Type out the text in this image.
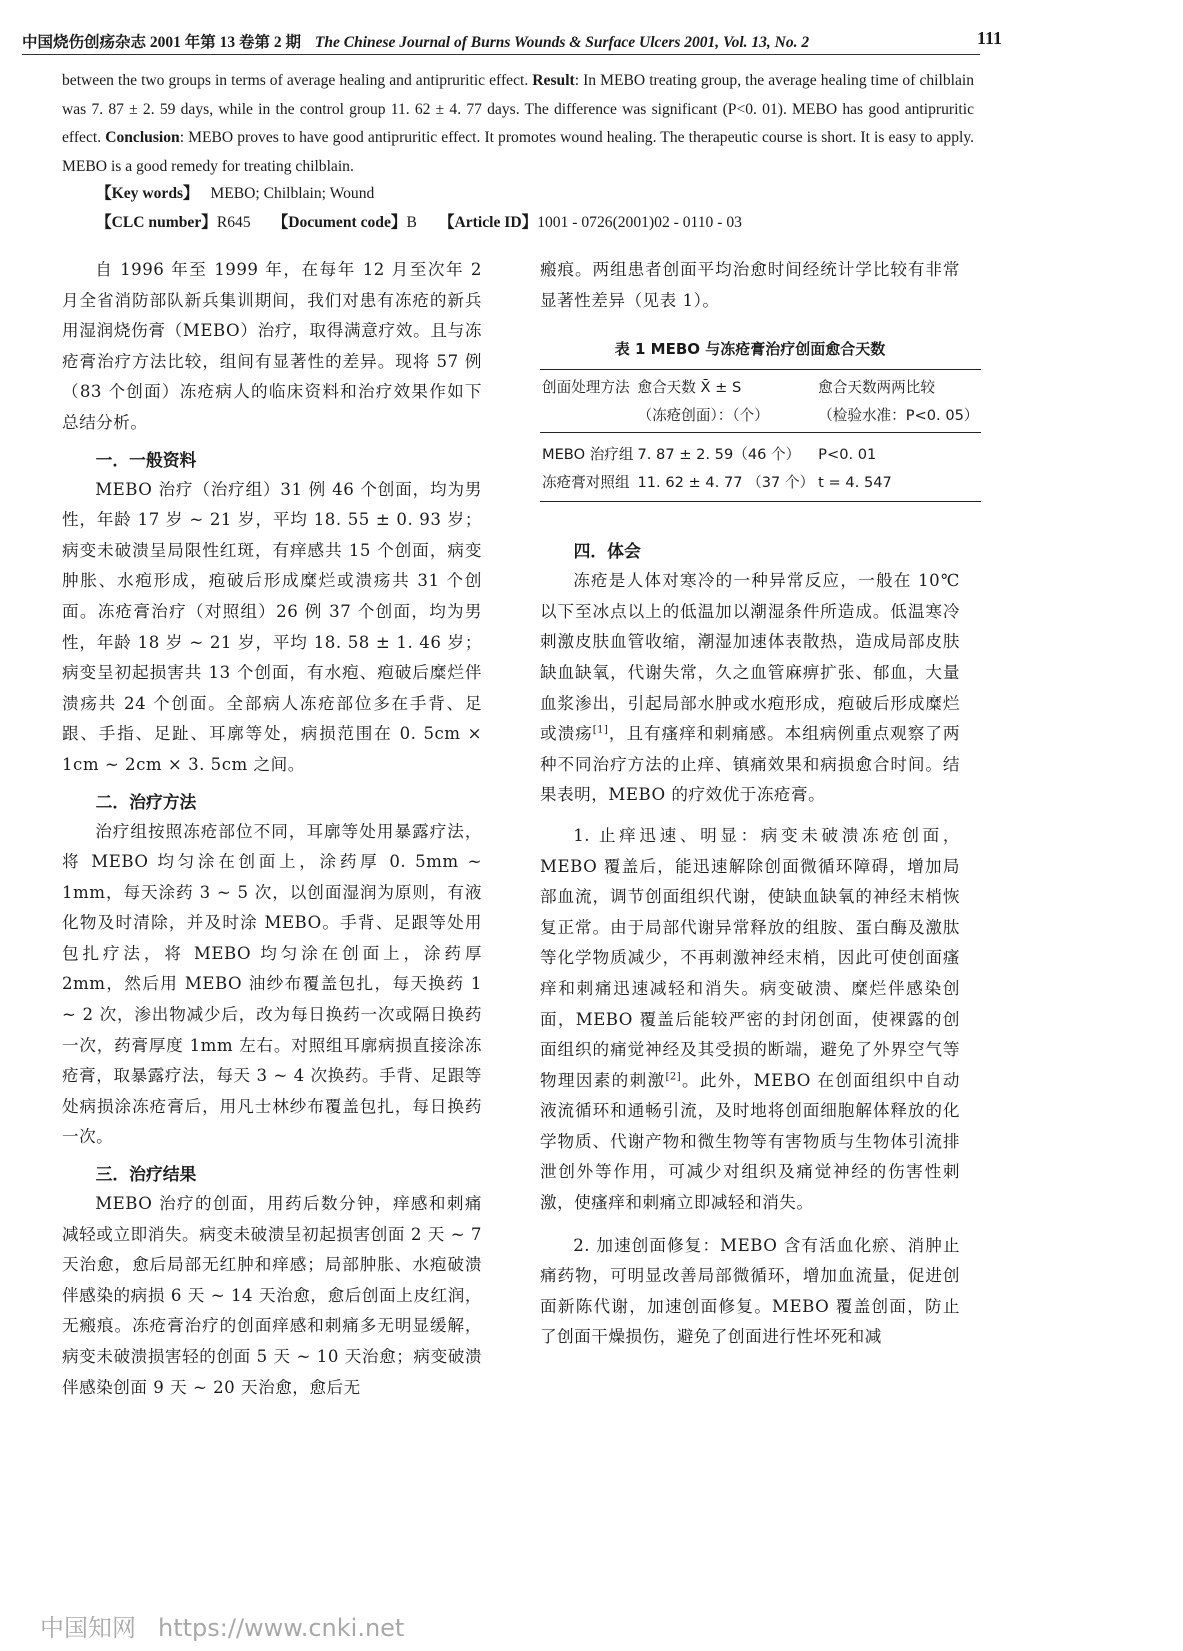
中国烧伤创疡杂志 2001 年第 13 卷第 2 期 The Chinese Journal of Burns Wounds & Surface Ulcers 2001, Vol. 13, No. 2	111

between the two groups in terms of average healing and antipruritic effect. Result: In MEBO treating group, the average healing time of chilblain was 7. 87 ± 2. 59 days, while in the control group 11. 62 ± 4. 77 days. The difference was significant (P<0. 01). MEBO has good antipruritic effect. Conclusion: MEBO proves to have good antipruritic effect. It promotes wound healing. The therapeutic course is short. It is easy to apply. MEBO is a good remedy for treating chilblain.

【Key words】 MEBO; Chilblain; Wound
【CLC number】R645 【Document code】B 【Article ID】1001 - 0726(2001)02 - 0110 - 03

自 1996 年至 1999 年，在每年 12 月至次年 2 月全省消防部队新兵集训期间，我们对患有冻疮的新兵用湿润烧伤膏（MEBO）治疗，取得满意疗效。且与冻疮膏治疗方法比较，组间有显著性的差异。现将 57 例（83 个创面）冻疮病人的临床资料和治疗效果作如下总结分析。

一．一般资料

MEBO 治疗（治疗组）31 例 46 个创面，均为男性，年龄 17 岁 ~ 21 岁，平均 18. 55 ± 0. 93 岁；病变未破溃呈局限性红斑，有痒感共 15 个创面，病变肿胀、水疱形成，疱破后形成糜烂或溃疡共 31 个创面。冻疮膏治疗（对照组）26 例 37 个创面，均为男性，年龄 18 岁 ~ 21 岁，平均 18. 58 ± 1. 46 岁；病变呈初起损害共 13 个创面，有水疱、疱破后糜烂伴溃疡共 24 个创面。全部病人冻疮部位多在手背、足跟、手指、足趾、耳廓等处，病损范围在 0. 5cm × 1cm ~ 2cm × 3. 5cm 之间。

二．治疗方法

治疗组按照冻疮部位不同，耳廓等处用暴露疗法，将 MEBO 均匀涂在创面上，涂药厚 0. 5mm ~ 1mm，每天涂药 3 ~ 5 次，以创面湿润为原则，有液化物及时清除，并及时涂 MEBO。手背、足跟等处用包扎疗法，将 MEBO 均匀涂在创面上，涂药厚 2mm，然后用 MEBO 油纱布覆盖包扎，每天换药 1 ~ 2 次，渗出物减少后，改为每日换药一次或隔日换药一次，药膏厚度 1mm 左右。对照组耳廓病损直接涂冻疮膏，取暴露疗法，每天 3 ~ 4 次换药。手背、足跟等处病损涂冻疮膏后，用凡士林纱布覆盖包扎，每日换药一次。

三．治疗结果

MEBO 治疗的创面，用药后数分钟，痒感和刺痛减轻或立即消失。病变未破溃呈初起损害创面 2 天 ~ 7 天治愈，愈后局部无红肿和痒感；局部肿胀、水疱破溃伴感染的病损 6 天 ~ 14 天治愈，愈后创面上皮红润，无瘢痕。冻疮膏治疗的创面痒感和刺痛多无明显缓解，病变未破溃损害轻的创面 5 天 ~ 10 天治愈；病变破溃伴感染创面 9 天 ~ 20 天治愈，愈后无

瘢痕。两组患者创面平均治愈时间经统计学比较有非常显著性差异（见表 1）。

表 1 MEBO 与冻疮膏治疗创面愈合天数
创面处理方法	愈合天数 X̄ ± S	愈合天数两两比较
	（冻疮创面）：（个）	（检验水准：P<0. 05）
MEBO 治疗组	7. 87 ± 2. 59（46 个）	P<0. 01
冻疮膏对照组	11. 62 ± 4. 77 （37 个）	t = 4. 547
四．体会

冻疮是人体对寒冷的一种异常反应，一般在 10℃ 以下至冰点以上的低温加以潮湿条件所造成。低温寒冷刺激皮肤血管收缩，潮湿加速体表散热，造成局部皮肤缺血缺氧，代谢失常，久之血管麻痹扩张、郁血，大量血浆渗出，引起局部水肿或水疱形成，疱破后形成糜烂或溃疡[1]，且有瘙痒和刺痛感。本组病例重点观察了两种不同治疗方法的止痒、镇痛效果和病损愈合时间。结果表明，MEBO 的疗效优于冻疮膏。

1. 止痒迅速、明显：病变未破溃冻疮创面，MEBO 覆盖后，能迅速解除创面微循环障碍，增加局部血流，调节创面组织代谢，使缺血缺氧的神经末梢恢复正常。由于局部代谢异常释放的组胺、蛋白酶及激肽等化学物质减少，不再刺激神经末梢，因此可使创面瘙痒和刺痛迅速减轻和消失。病变破溃、糜烂伴感染创面，MEBO 覆盖后能较严密的封闭创面，使裸露的创面组织的痛觉神经及其受损的断端，避免了外界空气等物理因素的刺激[2]。此外，MEBO 在创面组织中自动液流循环和通畅引流，及时地将创面细胞解体释放的化学物质、代谢产物和微生物等有害物质与生物体引流排泄创外等作用，可减少对组织及痛觉神经的伤害性刺激，使瘙痒和刺痛立即减轻和消失。

2. 加速创面修复：MEBO 含有活血化瘀、消肿止痛药物，可明显改善局部微循环，增加血流量，促进创面新陈代谢，加速创面修复。MEBO 覆盖创面，防止了创面干燥损伤，避免了创面进行性坏死和减

中国知网 https://www.cnki.net
